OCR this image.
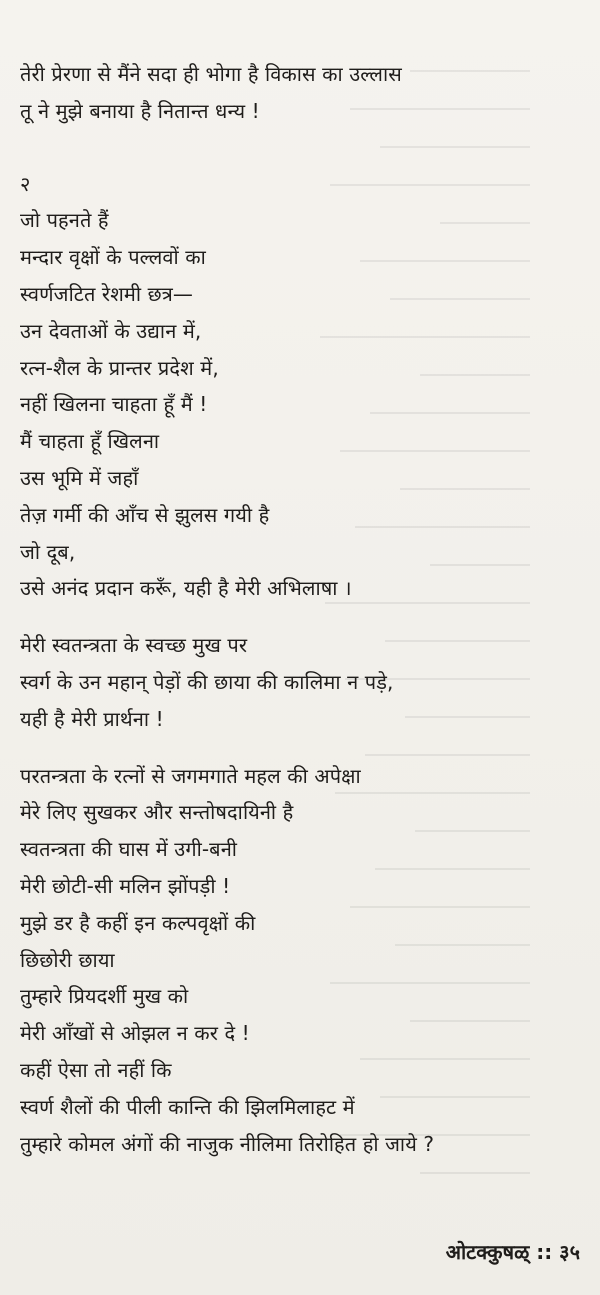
तेरी प्रेरणा से मैंने सदा ही भोगा है विकास का उल्लास
तू ने मुझे बनाया है नितान्त धन्य !
२
जो पहनते हैं
मन्दार वृक्षों के पल्लवों का
स्वर्णजटित रेशमी छत्र—
उन देवताओं के उद्यान में,
रत्न-शैल के प्रान्तर प्रदेश में,
नहीं खिलना चाहता हूँ मैं !
मैं चाहता हूँ खिलना
उस भूमि में जहाँ
तेज़ गर्मी की आँच से झुलस गयी है
जो दूब,
उसे अनंद प्रदान करूँ, यही है मेरी अभिलाषा ।
मेरी स्वतन्त्रता के स्वच्छ मुख पर
स्वर्ग के उन महान् पेड़ों की छाया की कालिमा न पड़े,
यही है मेरी प्रार्थना !
परतन्त्रता के रत्नों से जगमगाते महल की अपेक्षा
मेरे लिए सुखकर और सन्तोषदायिनी है
स्वतन्त्रता की घास में उगी-बनी
मेरी छोटी-सी मलिन झोंपड़ी !
मुझे डर है कहीं इन कल्पवृक्षों की
छिछोरी छाया
तुम्हारे प्रियदर्शी मुख को
मेरी आँखों से ओझल न कर दे !
कहीं ऐसा तो नहीं कि
स्वर्ण शैलों की पीली कान्ति की झिलमिलाहट में
तुम्हारे कोमल अंगों की नाजुक नीलिमा तिरोहित हो जाये ?
ओटक्कुषळ् :: ३५
